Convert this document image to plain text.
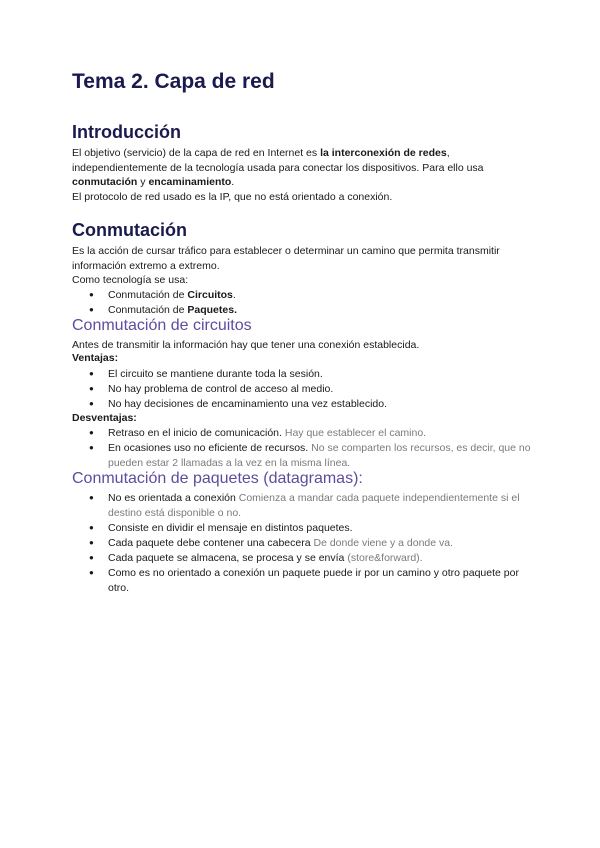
Tema 2. Capa de red
Introducción

El objetivo (servicio) de la capa de red en Internet es la interconexión de redes, independientemente de la tecnología usada para conectar los dispositivos. Para ello usa conmutación y encaminamiento.

El protocolo de red usado es la IP, que no está orientado a conexión.

Conmutación

Es la acción de cursar tráfico para establecer o determinar un camino que permita transmitir información extremo a extremo.

Como tecnología se usa:

● Conmutación de Circuitos.
● Conmutación de Paquetes.
Conmutación de circuitos

Antes de transmitir la información hay que tener una conexión establecida.

Ventajas:

● El circuito se mantiene durante toda la sesión.
● No hay problema de control de acceso al medio.
● No hay decisiones de encaminamiento una vez establecido.

Desventajas:

● Retraso en el inicio de comunicación. Hay que establecer el camino.
● En ocasiones uso no eficiente de recursos. No se comparten los recursos, es decir, que no pueden estar 2 llamadas a la vez en la misma línea.
Conmutación de paquetes (datagramas):
● No es orientada a conexión Comienza a mandar cada paquete independientemente si el destino está disponible o no.
● Consiste en dividir el mensaje en distintos paquetes.
● Cada paquete debe contener una cabecera De donde viene y a donde va.
● Cada paquete se almacena, se procesa y se envía (store&forward).
● Como es no orientado a conexión un paquete puede ir por un camino y otro paquete por otro.
